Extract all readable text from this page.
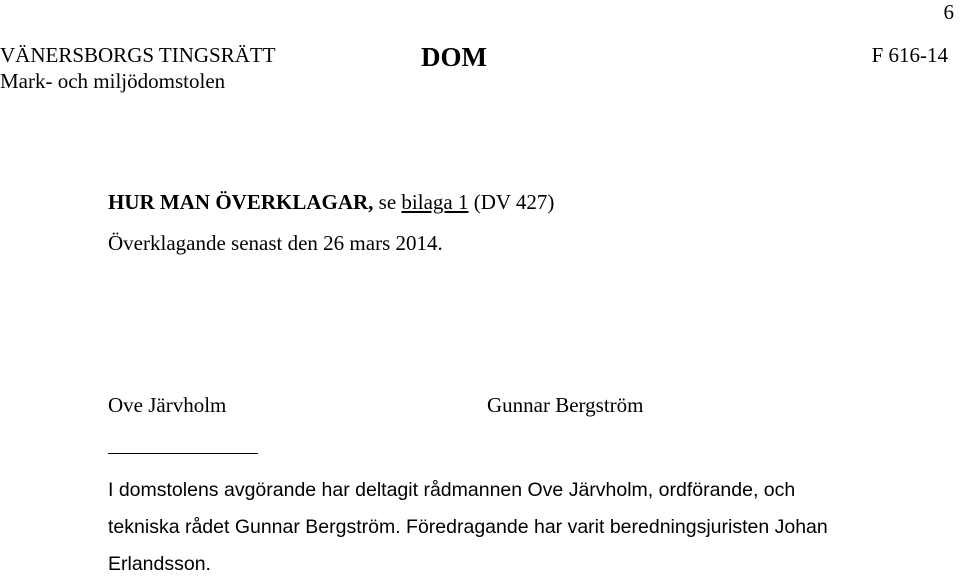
6
VÄNERSBORGS TINGSRÄTT
Mark- och miljödomstolen
DOM	F 616-14
HUR MAN ÖVERKLAGAR, se bilaga 1 (DV 427)
Överklagande senast den 26 mars 2014.
Ove Järvholm	Gunnar Bergström
I domstolens avgörande har deltagit rådmannen Ove Järvholm, ordförande, och
tekniska rådet Gunnar Bergström. Föredragande har varit beredningsjuristen Johan
Erlandsson.
